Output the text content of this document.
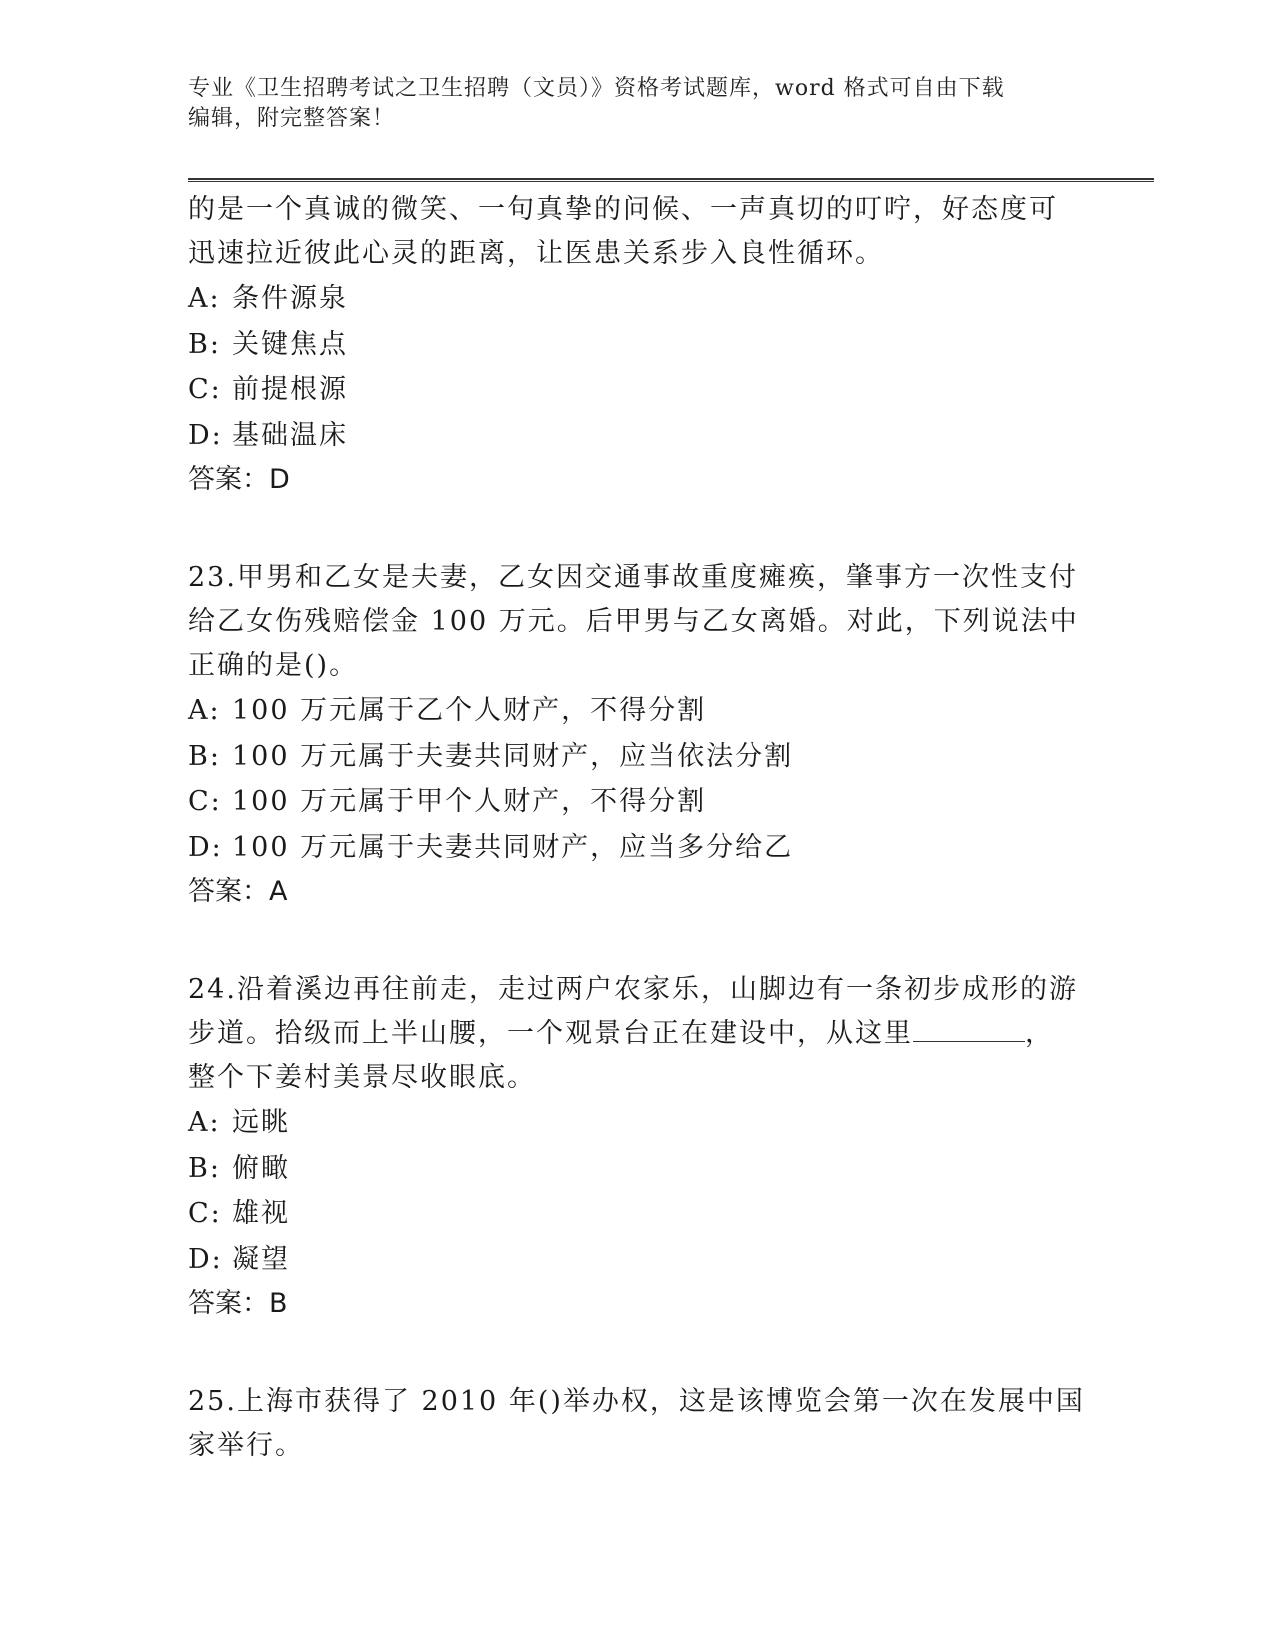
专业《卫生招聘考试之卫生招聘（文员）》资格考试题库，word 格式可自由下载
编辑，附完整答案！

的是一个真诚的微笑、一句真挚的问候、一声真切的叮咛，好态度可

迅速拉近彼此心灵的距离，让医患关系步入良性循环。

A: 条件源泉

B: 关键焦点

C: 前提根源

D: 基础温床

答案：D

23.甲男和乙女是夫妻，乙女因交通事故重度瘫痪，肇事方一次性支付

给乙女伤残赔偿金 100 万元。后甲男与乙女离婚。对此，下列说法中

正确的是()。

A: 100 万元属于乙个人财产，不得分割

B: 100 万元属于夫妻共同财产，应当依法分割

C: 100 万元属于甲个人财产，不得分割

D: 100 万元属于夫妻共同财产，应当多分给乙

答案：A

24.沿着溪边再往前走，走过两户农家乐，山脚边有一条初步成形的游

步道。拾级而上半山腰，一个观景台正在建设中，从这里	，

整个下姜村美景尽收眼底。

A: 远眺

B: 俯瞰

C: 雄视

D: 凝望

答案：B

25.上海市获得了 2010 年()举办权，这是该博览会第一次在发展中国

家举行。
